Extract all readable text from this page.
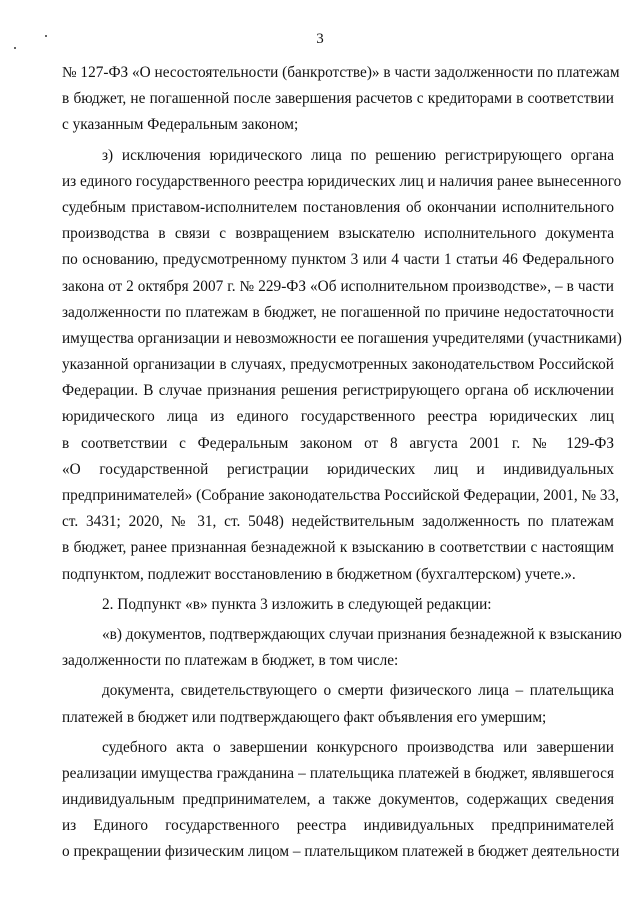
3
№ 127-ФЗ «О несостоятельности (банкротстве)» в части задолженности по платежам
в бюджет, не погашенной после завершения расчетов с кредиторами в соответствии
с указанным Федеральным законом;
з) исключения юридического лица по решению регистрирующего органа
из единого государственного реестра юридических лиц и наличия ранее вынесенного
судебным приставом-исполнителем постановления об окончании исполнительного
производства в связи с возвращением взыскателю исполнительного документа
по основанию, предусмотренному пунктом 3 или 4 части 1 статьи 46 Федерального
закона от 2 октября 2007 г. № 229-ФЗ «Об исполнительном производстве», – в части
задолженности по платежам в бюджет, не погашенной по причине недостаточности
имущества организации и невозможности ее погашения учредителями (участниками)
указанной организации в случаях, предусмотренных законодательством Российской
Федерации. В случае признания решения регистрирующего органа об исключении
юридического лица из единого государственного реестра юридических лиц
в соответствии с Федеральным законом от 8 августа 2001 г. № 129-ФЗ
«О государственной регистрации юридических лиц и индивидуальных
предпринимателей» (Собрание законодательства Российской Федерации, 2001, № 33,
ст. 3431; 2020, № 31, ст. 5048) недействительным задолженность по платежам
в бюджет, ранее признанная безнадежной к взысканию в соответствии с настоящим
подпунктом, подлежит восстановлению в бюджетном (бухгалтерском) учете.».
2. Подпункт «в» пункта 3 изложить в следующей редакции:
«в) документов, подтверждающих случаи признания безнадежной к взысканию
задолженности по платежам в бюджет, в том числе:
документа, свидетельствующего о смерти физического лица – плательщика
платежей в бюджет или подтверждающего факт объявления его умершим;
судебного акта о завершении конкурсного производства или завершении
реализации имущества гражданина – плательщика платежей в бюджет, являвшегося
индивидуальным предпринимателем, а также документов, содержащих сведения
из Единого государственного реестра индивидуальных предпринимателей
о прекращении физическим лицом – плательщиком платежей в бюджет деятельности
